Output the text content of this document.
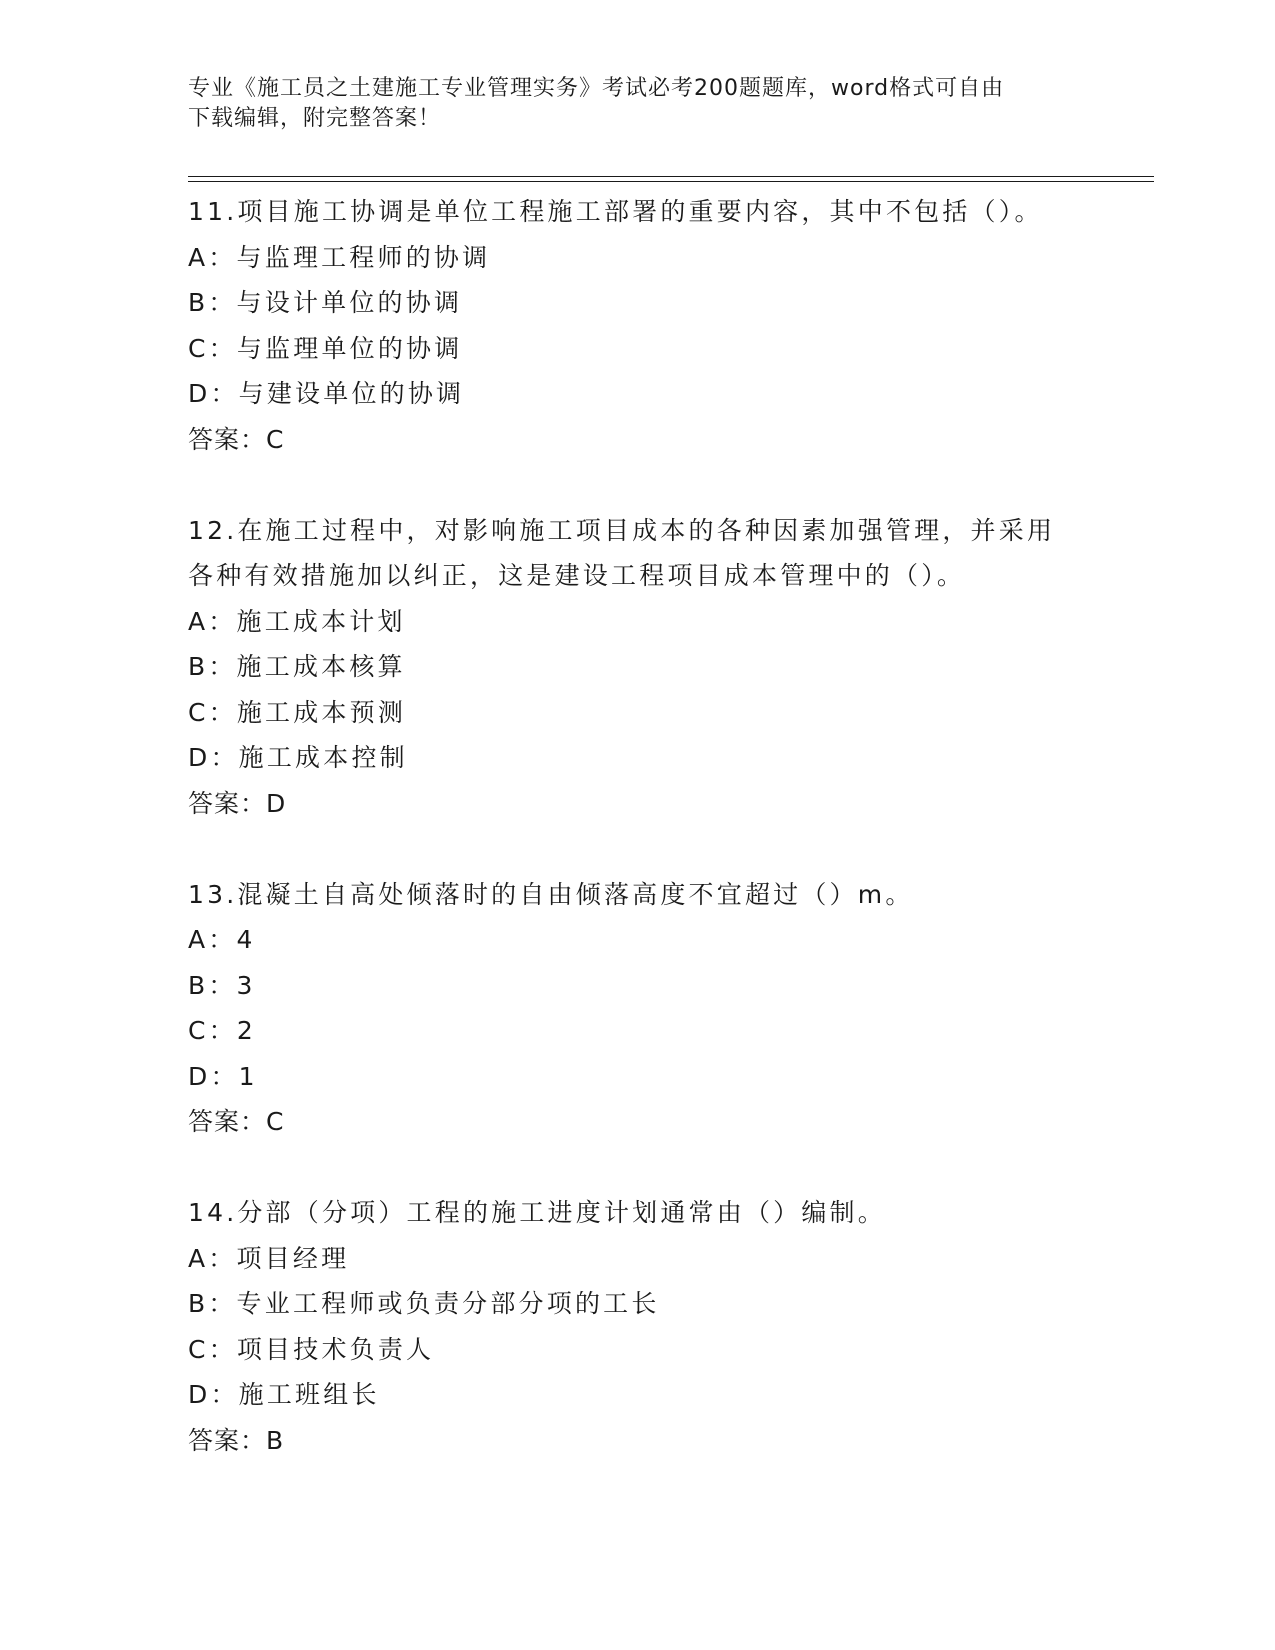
专业《施工员之土建施工专业管理实务》考试必考200题题库，word格式可自由
下载编辑，附完整答案！
11.项目施工协调是单位工程施工部署的重要内容，其中不包括（）。
A：与监理工程师的协调
B：与设计单位的协调
C：与监理单位的协调
D：与建设单位的协调
答案：C
12.在施工过程中，对影响施工项目成本的各种因素加强管理，并采用
各种有效措施加以纠正，这是建设工程项目成本管理中的（）。
A：施工成本计划
B：施工成本核算
C：施工成本预测
D：施工成本控制
答案：D
13.混凝土自高处倾落时的自由倾落高度不宜超过（）m。
A：4
B：3
C：2
D：1
答案：C
14.分部（分项）工程的施工进度计划通常由（）编制。
A：项目经理
B：专业工程师或负责分部分项的工长
C：项目技术负责人
D：施工班组长
答案：B
